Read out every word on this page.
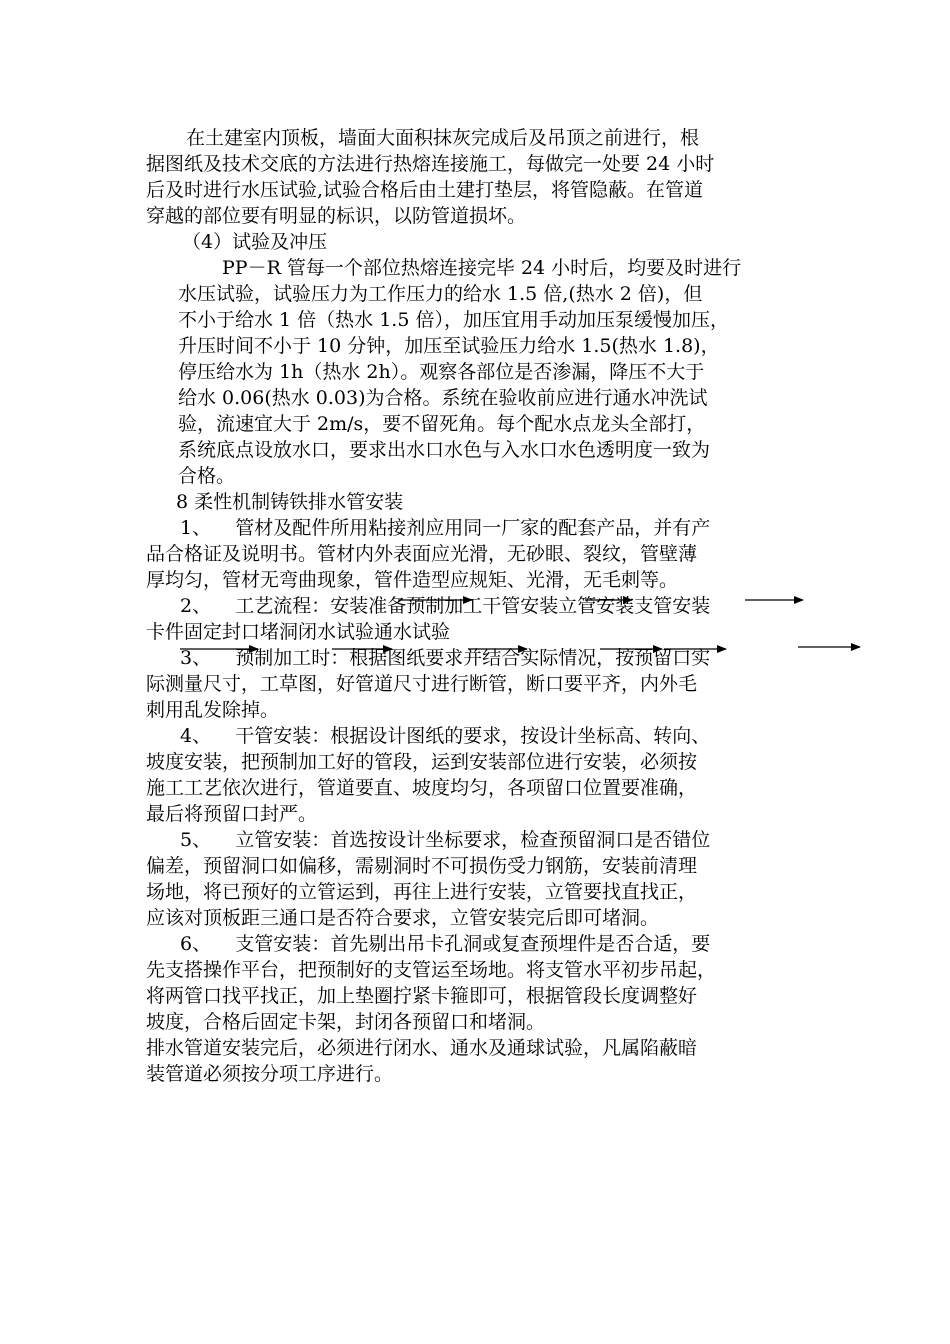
在土建室内顶板，墙面大面积抹灰完成后及吊顶之前进行，根
据图纸及技术交底的方法进行热熔连接施工，每做完一处要 24 小时
后及时进行水压试验,试验合格后由土建打垫层，将管隐蔽。在管道
穿越的部位要有明显的标识，以防管道损坏。
（4）试验及冲压
PP－R 管每一个部位热熔连接完毕 24 小时后，均要及时进行
水压试验，试验压力为工作压力的给水 1.5 倍,(热水 2 倍)，但
不小于给水 1 倍（热水 1.5 倍），加压宜用手动加压泵缓慢加压，
升压时间不小于 10 分钟，加压至试验压力给水 1.5(热水 1.8)，
停压给水为 1h（热水 2h）。观察各部位是否渗漏，降压不大于
给水 0.06(热水 0.03)为合格。系统在验收前应进行通水冲洗试
验，流速宜大于 2m/s，要不留死角。每个配水点龙头全部打，
系统底点设放水口，要求出水口水色与入水口水色透明度一致为
合格。
8 柔性机制铸铁排水管安装
1、    管材及配件所用粘接剂应用同一厂家的配套产品，并有产
品合格证及说明书。管材内外表面应光滑，无砂眼、裂纹，管壁薄
厚均匀，管材无弯曲现象，管件造型应规矩、光滑，无毛刺等。
2、    工艺流程：安装准备预制加工干管安装立管安装支管安装
卡件固定封口堵洞闭水试验通水试验
3、    预制加工时：根据图纸要求并结合实际情况，按预留口实
际测量尺寸，工草图，好管道尺寸进行断管，断口要平齐，内外毛
刺用乱发除掉。
4、    干管安装：根据设计图纸的要求，按设计坐标高、转向、
坡度安装，把预制加工好的管段，运到安装部位进行安装，必须按
施工工艺依次进行，管道要直、坡度均匀，各项留口位置要准确，
最后将预留口封严。
5、    立管安装：首选按设计坐标要求，检查预留洞口是否错位
偏差，预留洞口如偏移，需剔洞时不可损伤受力钢筋，安装前清理
场地，将已预好的立管运到，再往上进行安装，立管要找直找正，
应该对顶板距三通口是否符合要求，立管安装完后即可堵洞。
6、    支管安装：首先剔出吊卡孔洞或复查预埋件是否合适，要
先支搭操作平台，把预制好的支管运至场地。将支管水平初步吊起，
将两管口找平找正，加上垫圈拧紧卡箍即可，根据管段长度调整好
坡度，合格后固定卡架，封闭各预留口和堵洞。
排水管道安装完后，必须进行闭水、通水及通球试验，凡属陷蔽暗
装管道必须按分项工序进行。
